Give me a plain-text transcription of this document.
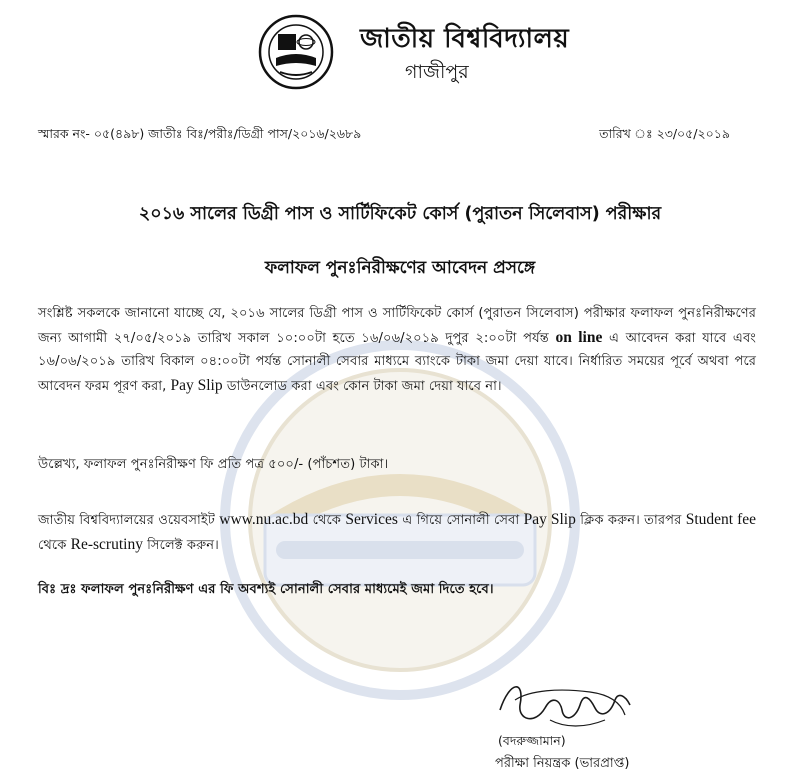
জাতীয় বিশ্ববিদ্যালয়
গাজীপুর
স্মারক নং- ০৫(৪৯৮) জাতীঃ বিঃ/পরীঃ/ডিগ্রী পাস/২০১৬/২৬৮৯	তারিখ ঃ ২৩/০৫/২০১৯
২০১৬ সালের ডিগ্রী পাস ও সার্টিফিকেট কোর্স (পুরাতন সিলেবাস) পরীক্ষার
ফলাফল পুনঃনিরীক্ষণের আবেদন প্রসঙ্গে
সংশ্লিষ্ট সকলকে জানানো যাচ্ছে যে, ২০১৬ সালের ডিগ্রী পাস ও সার্টিফিকেট কোর্স (পুরাতন সিলেবাস) পরীক্ষার ফলাফল পুনঃনিরীক্ষণের জন্য আগামী ২৭/০৫/২০১৯ তারিখ সকাল ১০:০০টা হতে ১৬/০৬/২০১৯ দুপুর ২:০০টা পর্যন্ত on line এ আবেদন করা যাবে এবং ১৬/০৬/২০১৯ তারিখ বিকাল ০৪:০০টা পর্যন্ত সোনালী সেবার মাধ্যমে ব্যাংকে টাকা জমা দেয়া যাবে। নির্ধারিত সময়ের পূর্বে অথবা পরে আবেদন ফরম পূরণ করা, Pay Slip ডাউনলোড করা এবং কোন টাকা জমা দেয়া যাবে না।
উল্লেখ্য, ফলাফল পুনঃনিরীক্ষণ ফি প্রতি পত্র ৫০০/- (পাঁচশত) টাকা।
জাতীয় বিশ্ববিদ্যালয়ের ওয়েবসাইট www.nu.ac.bd থেকে Services এ গিয়ে সোনালী সেবা Pay Slip ক্লিক করুন। তারপর Student fee থেকে Re-scrutiny সিলেক্ট করুন।
বিঃ দ্রঃ ফলাফল পুনঃনিরীক্ষণ এর ফি অবশ্যই সোনালী সেবার মাধ্যমেই জমা দিতে হবে।
(বদরুজ্জামান)
পরীক্ষা নিয়ন্ত্রক (ভারপ্রাপ্ত)
